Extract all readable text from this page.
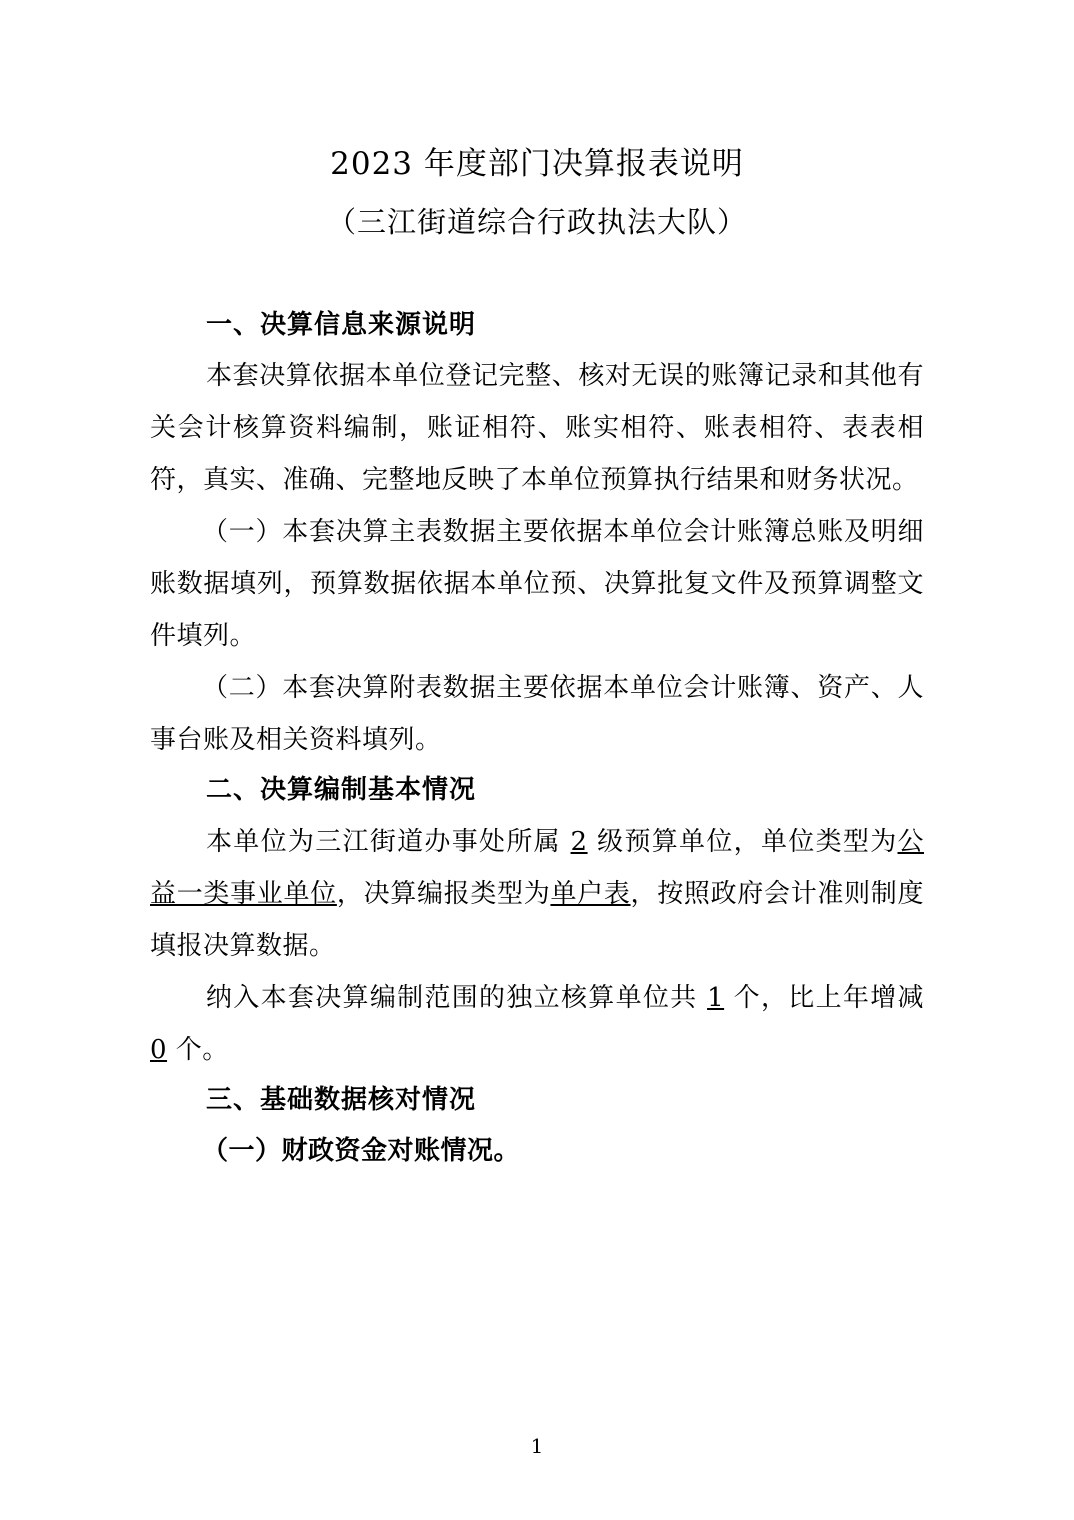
2023 年度部门决算报表说明
（三江街道综合行政执法大队）
一、决算信息来源说明
本套决算依据本单位登记完整、核对无误的账簿记录和其他有关会计核算资料编制，账证相符、账实相符、账表相符、表表相符，真实、准确、完整地反映了本单位预算执行结果和财务状况。
（一）本套决算主表数据主要依据本单位会计账簿总账及明细账数据填列，预算数据依据本单位预、决算批复文件及预算调整文件填列。
（二）本套决算附表数据主要依据本单位会计账簿、资产、人事台账及相关资料填列。
二、决算编制基本情况
本单位为三江街道办事处所属 2 级预算单位，单位类型为公益一类事业单位，决算编报类型为单户表，按照政府会计准则制度填报决算数据。
纳入本套决算编制范围的独立核算单位共 1 个，比上年增减 0 个。
三、基础数据核对情况
（一）财政资金对账情况。
1
